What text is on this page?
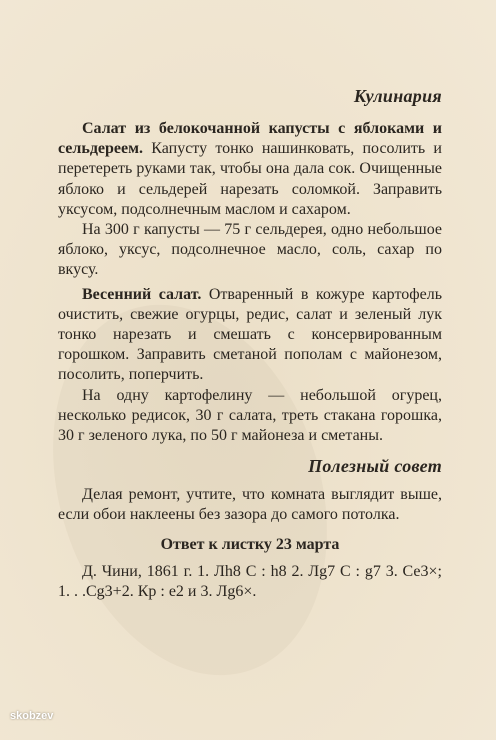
Кулинария

Салат из белокочанной капусты с яблоками и сельдереем. Капусту тонко нашинковать, посолить и перетереть руками так, чтобы она дала сок. Очищенные яблоко и сельдерей нарезать соломкой. Заправить уксусом, подсолнечным маслом и сахаром.

На 300 г капусты — 75 г сельдерея, одно небольшое яблоко, уксус, подсолнечное масло, соль, сахар по вкусу.

Весенний салат. Отваренный в кожуре картофель очистить, свежие огурцы, редис, салат и зеленый лук тонко нарезать и смешать с консервированным горошком. Заправить сметаной пополам с майонезом, посолить, поперчить.

На одну картофелину — небольшой огурец, несколько редисок, 30 г салата, треть стакана горошка, 30 г зеленого лука, по 50 г майонеза и сметаны.

Полезный совет

Делая ремонт, учтите, что комната выглядит выше, если обои наклеены без зазора до самого потолка.

Ответ к листку 23 марта

Д. Чини, 1861 г. 1. Лh8 С : h8 2. Лg7 С : g7 3. Се3×; 1. . .Сg3+2. Кр : е2 и 3. Лg6×.

skobzev
